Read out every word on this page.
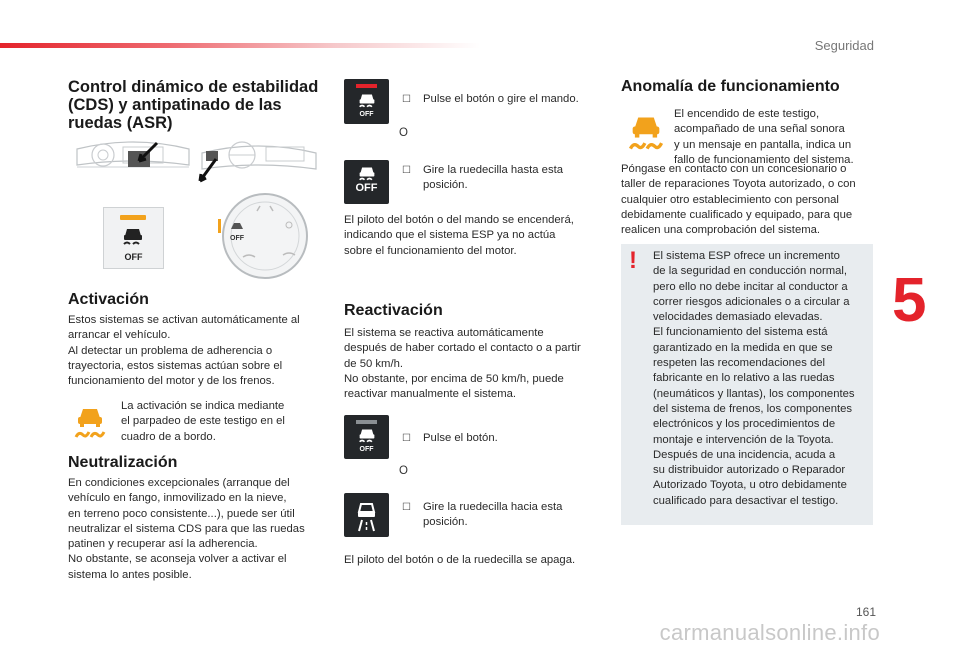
Seguridad
5
Control dinámico de estabilidad
(CDS) y antipatinado de las
ruedas (ASR)
OFF
OFF
Activación

Estos sistemas se activan automáticamente al
arrancar el vehículo.
Al detectar un problema de adherencia o
trayectoria, estos sistemas actúan sobre el
funcionamiento del motor y de los frenos.

La activación se indica mediante
el parpadeo de este testigo en el
cuadro de a bordo.

Neutralización

En condiciones excepcionales (arranque del
vehículo en fango, inmovilizado en la nieve,
en terreno poco consistente...), puede ser útil
neutralizar el sistema CDS para que las ruedas
patinen y recuperar así la adherencia.
No obstante, se aconseja volver a activar el
sistema lo antes posible.

OFF
☐ Pulse el botón o gire el mando.

O
OFF
☐ Gire la ruedecilla hasta esta
posición.

El piloto del botón o del mando se encenderá,
indicando que el sistema ESP ya no actúa
sobre el funcionamiento del motor.

Reactivación

El sistema se reactiva automáticamente
después de haber cortado el contacto o a partir
de 50 km/h.
No obstante, por encima de 50 km/h, puede
reactivar manualmente el sistema.

OFF
☐ Pulse el botón.

O
☐ Gire la ruedecilla hacia esta
posición.

El piloto del botón o de la ruedecilla se apaga.

Anomalía de funcionamiento

El encendido de este testigo,
acompañado de una señal sonora
y un mensaje en pantalla, indica un
fallo de funcionamiento del sistema.

Póngase en contacto con un concesionario o
taller de reparaciones Toyota autorizado, o con
cualquier otro establecimiento con personal
debidamente cualificado y equipado, para que
realicen una comprobación del sistema.

! El sistema ESP ofrece un incremento
de la seguridad en conducción normal,
pero ello no debe incitar al conductor a
correr riesgos adicionales o a circular a
velocidades demasiado elevadas.
El funcionamiento del sistema está
garantizado en la medida en que se
respeten las recomendaciones del
fabricante en lo relativo a las ruedas
(neumáticos y llantas), los componentes
del sistema de frenos, los componentes
electrónicos y los procedimientos de
montaje e intervención de la Toyota.
Después de una incidencia, acuda a
su distribuidor autorizado o Reparador
Autorizado Toyota, u otro debidamente
cualificado para desactivar el testigo.

161
carmanualsonline.info
